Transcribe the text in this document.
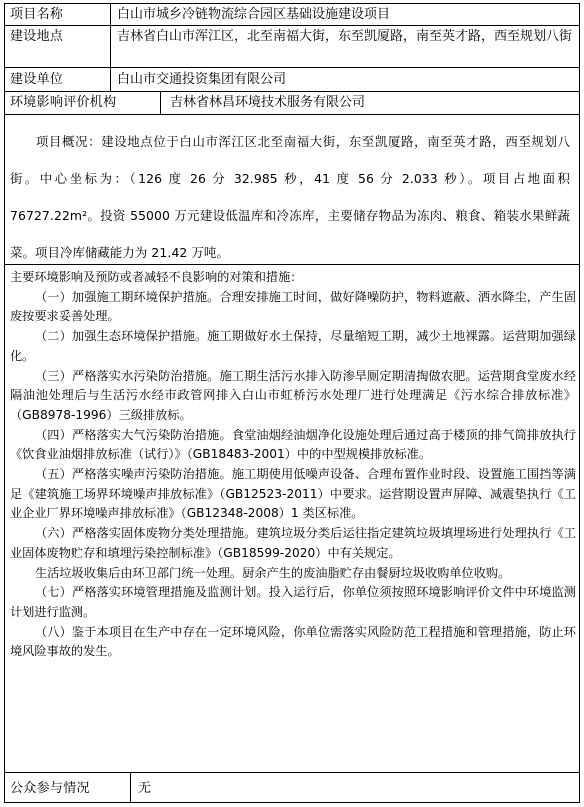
项目名称	白山市城乡冷链物流综合园区基础设施建设项目
建设地点	吉林省白山市浑江区，北至南福大街，东至凯厦路，南至英才路，西至规划八街
建设单位	白山市交通投资集团有限公司
环境影响评价机构	吉林省林昌环境技术服务有限公司
项目概况：建设地点位于白山市浑江区北至南福大街，东至凯厦路，南至英才路，西至规划八街。中心坐标为：（126 度 26 分 32.985 秒，41 度 56 分 2.033 秒）。项目占地面积 76727.22m²。投资 55000 万元建设低温库和冷冻库，主要储存物品为冻肉、粮食、箱装水果鲜蔬菜。项目冷库储藏能力为 21.42 万吨。

主要环境影响及预防或者减轻不良影响的对策和措施：

（一）加强施工期环境保护措施。合理安排施工时间，做好降噪防护，物料遮蔽、洒水降尘，产生固废按要求妥善处理。

（二）加强生态环境保护措施。施工期做好水土保持，尽量缩短工期，减少土地裸露。运营期加强绿化。

（三）严格落实水污染防治措施。施工期生活污水排入防渗旱厕定期清掏做农肥。运营期食堂废水经隔油池处理后与生活污水经市政管网排入白山市虹桥污水处理厂进行处理满足《污水综合排放标准》（GB8978-1996）三级排放标。

（四）严格落实大气污染防治措施。食堂油烟经油烟净化设施处理后通过高于楼顶的排气筒排放执行《饮食业油烟排放标准（试行）》（GB18483-2001）中的中型规模排放标准。

（五）严格落实噪声污染防治措施。施工期使用低噪声设备、合理布置作业时段、设置施工围挡等满足《建筑施工场界环境噪声排放标准》（GB12523-2011）中要求。运营期设置声屏障、减震垫执行《工业企业厂界环境噪声排放标准》（GB12348-2008）1 类区标准。

（六）严格落实固体废物分类处理措施。建筑垃圾分类后运往指定建筑垃圾填埋场进行处理执行《工业固体废物贮存和填埋污染控制标准》（GB18599-2020）中有关规定。

生活垃圾收集后由环卫部门统一处理。厨余产生的废油脂贮存由餐厨垃圾收购单位收购。

（七）严格落实环境管理措施及监测计划。投入运行后，你单位须按照环境影响评价文件中环境监测计划进行监测。

（八）鉴于本项目在生产中存在一定环境风险，你单位需落实风险防范工程措施和管理措施，防止环境风险事故的发生。

公众参与情况	无
